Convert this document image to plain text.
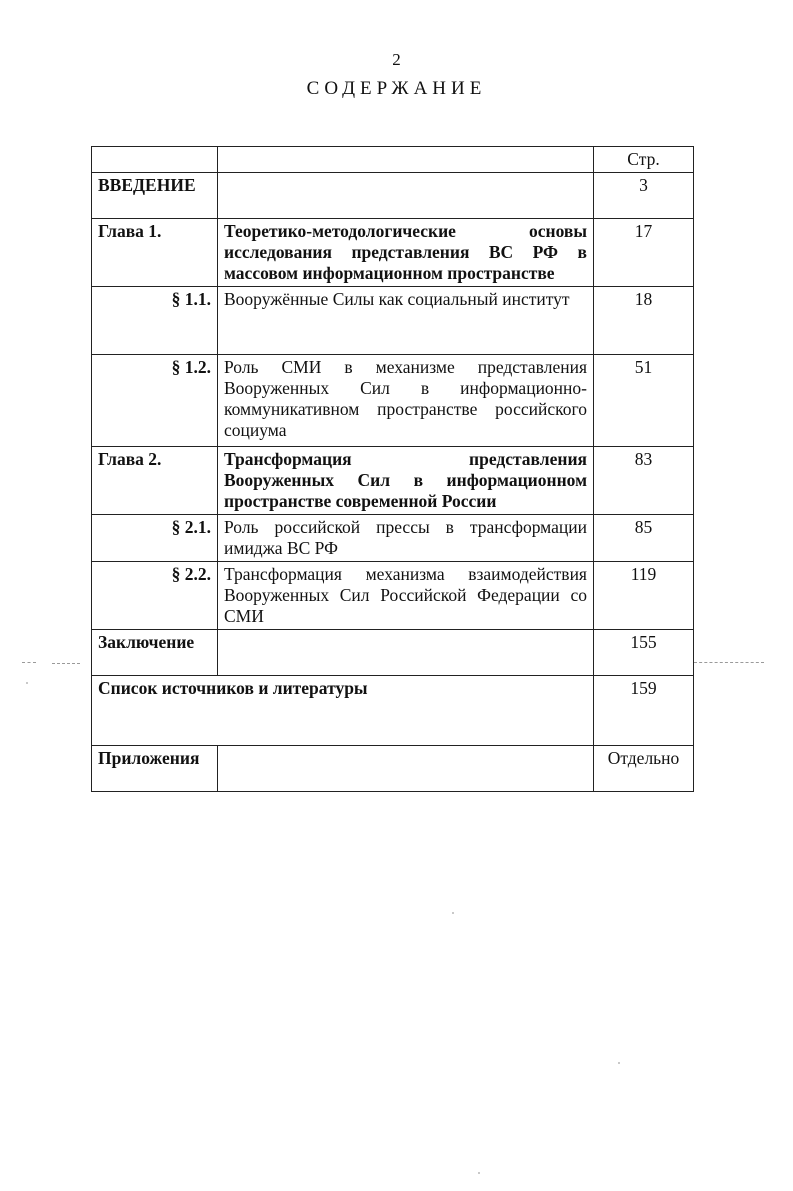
2
СОДЕРЖАНИЕ
		Стр.
ВВЕДЕНИЕ		3
Глава 1.	Теоретико-методологические основы исследования представления ВС РФ в массовом информационном пространстве	17
§ 1.1.	Вооружённые Силы как социальный институт	18
§ 1.2.	Роль СМИ в механизме представления Вооруженных Сил в информационно-коммуникативном пространстве российского социума	51
Глава 2.	Трансформация представления Вооруженных Сил в информационном пространстве современной России	83
§ 2.1.	Роль российской прессы в трансформации имиджа ВС РФ	85
§ 2.2.	Трансформация механизма взаимодействия Вооруженных Сил Российской Федерации со СМИ	119
Заключение		155
Список источников и литературы		159
Приложения		Отдельно
